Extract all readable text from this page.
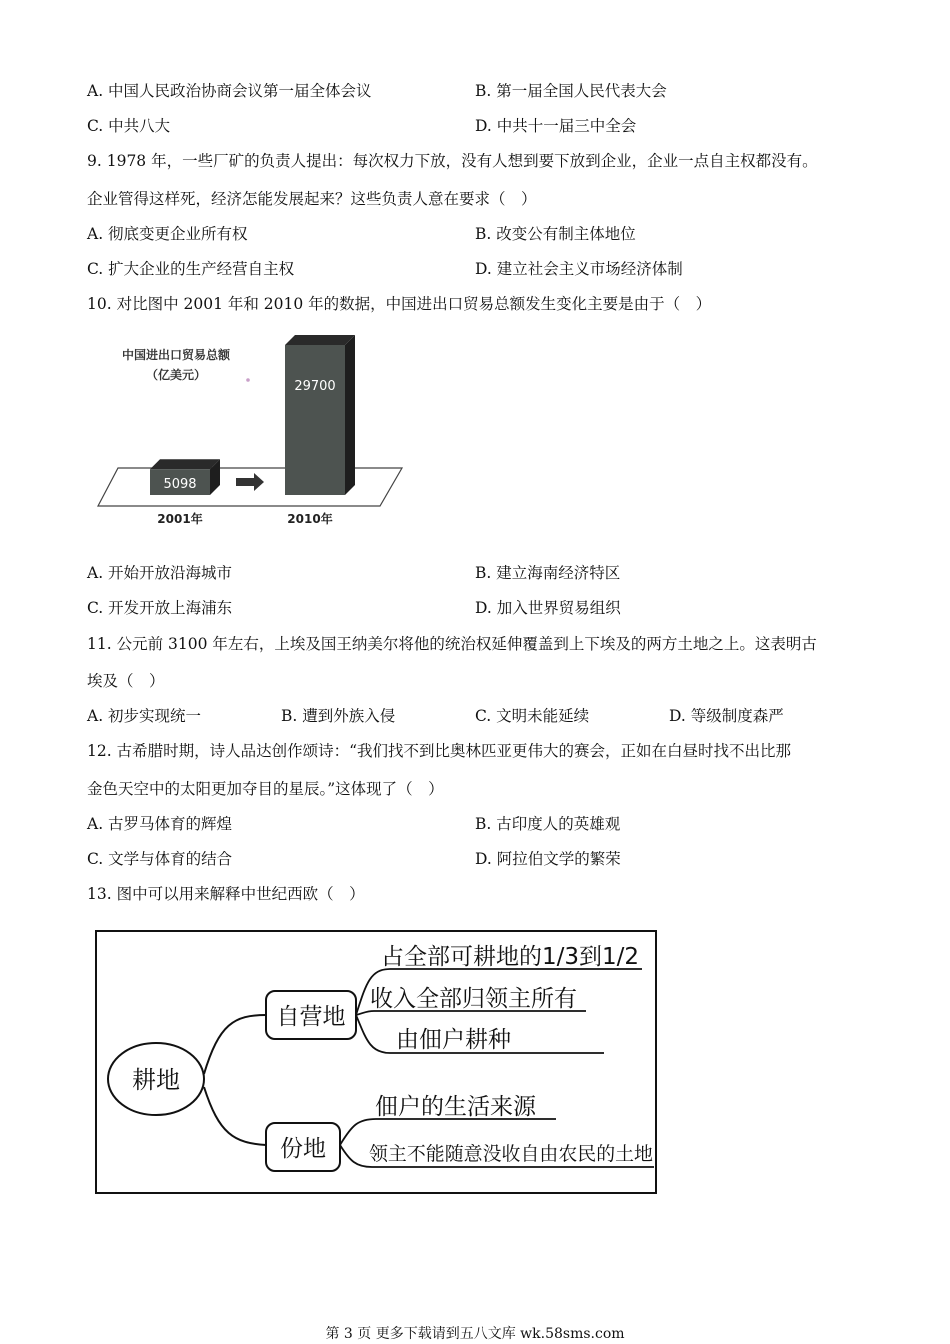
A. 中国人民政治协商会议第一届全体会议	B. 第一届全国人民代表大会
C. 中共八大	D. 中共十一届三中全会
9. 1978 年，一些厂矿的负责人提出：每次权力下放，没有人想到要下放到企业，企业一点自主权都没有。
企业管得这样死，经济怎能发展起来？这些负责人意在要求（　）
A. 彻底变更企业所有权	B. 改变公有制主体地位
C. 扩大企业的生产经营自主权	D. 建立社会主义市场经济体制
10. 对比图中 2001 年和 2010 年的数据，中国进出口贸易总额发生变化主要是由于（　）
中国进出口贸易总额
（亿美元）
5098
29700
2001年	2010年
A. 开始开放沿海城市	B. 建立海南经济特区
C. 开发开放上海浦东	D. 加入世界贸易组织
11. 公元前 3100 年左右，上埃及国王纳美尔将他的统治权延伸覆盖到上下埃及的两方土地之上。这表明古
埃及（　）
A. 初步实现统一	B. 遭到外族入侵	C. 文明未能延续	D. 等级制度森严
12. 古希腊时期，诗人品达创作颂诗：“我们找不到比奥林匹亚更伟大的赛会，正如在白昼时找不出比那
金色天空中的太阳更加夺目的星辰。”这体现了（　）
A. 古罗马体育的辉煌	B. 古印度人的英雄观
C. 文学与体育的结合	D. 阿拉伯文学的繁荣
13. 图中可以用来解释中世纪西欧（　）
耕地
自营地
份地
占全部可耕地的1/3到1/2
收入全部归领主所有
由佃户耕种
佃户的生活来源
领主不能随意没收自由农民的土地
第 3 页 更多下载请到五八文库 wk.58sms.com
